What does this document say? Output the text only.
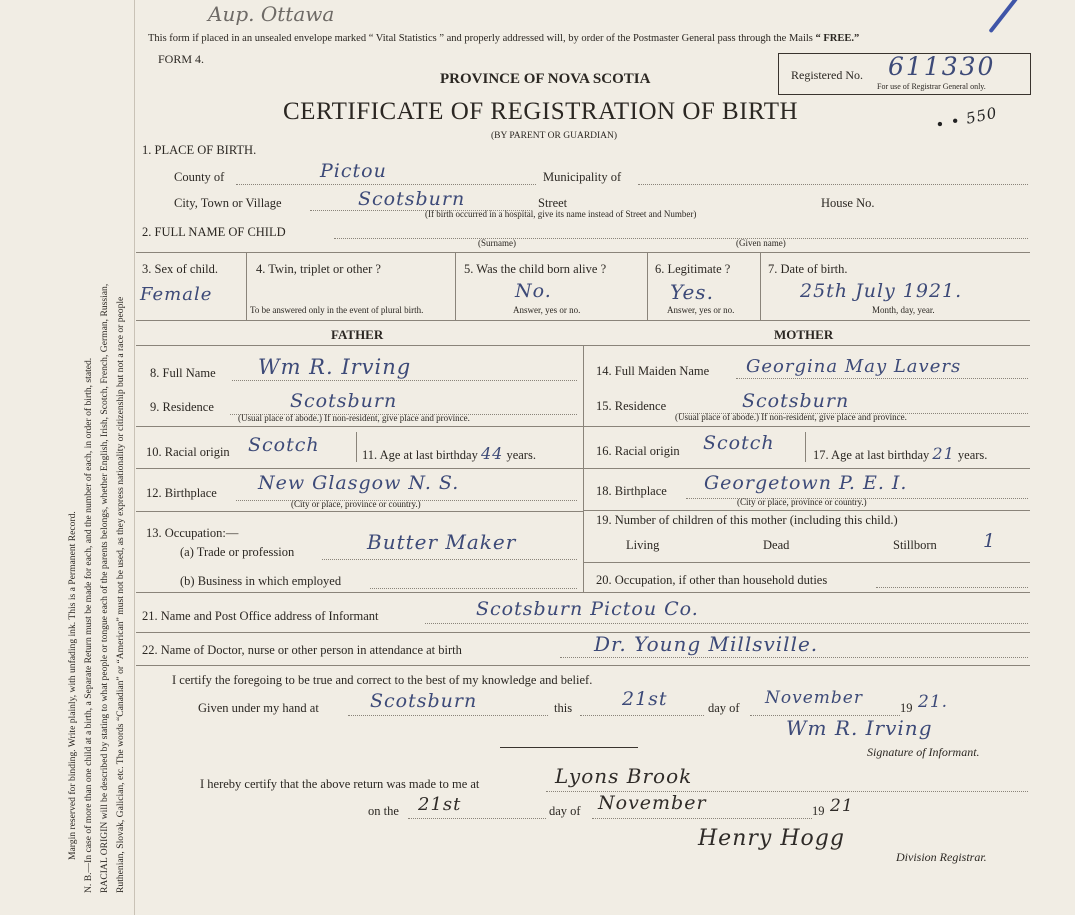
Margin reserved for binding. Write plainly, with unfading ink. This is a Permanent Record. N. B.—In case of more than one child at a birth, a Separate Return must be made for each, and the number of each, in order of birth, stated. RACIAL ORIGIN will be described by stating to what people or tongue each of the parents belongs, whether English, Irish, Scotch, French, German, Russian, Ruthenian, Slovak, Galician, etc. The words “Canadian” or “American” must not be used, as they express nationality or citizenship but not a race or people
Aup. Ottawa
This form if placed in an unsealed envelope marked “ Vital Statistics ” and properly addressed will, by order of the Postmaster General pass through the Mails “ FREE.”
FORM 4.
PROVINCE OF NOVA SCOTIA
CERTIFICATE OF REGISTRATION OF BIRTH
(BY PARENT OR GUARDIAN)
Registered No. 611330
For use of Registrar General only.
• • 550
1. PLACE OF BIRTH.
County of	Pictou	Municipality of
City, Town or Village	Scotsburn	Street	House No.
(If birth occurred in a hospital, give its name instead of Street and Number)
2. FULL NAME OF CHILD
(Surname)	(Given name)
3. Sex of child.
Female
4. Twin, triplet or other ?
To be answered only in the event of plural birth.
5. Was the child born alive ?
No.
Answer, yes or no.
6. Legitimate ?
Yes.
Answer, yes or no.
7. Date of birth.
25th July 1921.
Month, day, year.
FATHER	MOTHER
8. Full Name Wm R. Irving
9. Residence	Scotsburn
(Usual place of abode.) If non-resident, give place and province.
10. Racial origin Scotch	11. Age at last birthday 44 years.
12. Birthplace New Glasgow N. S.
(City or place, province or country.)
13. Occupation:—
(a) Trade or profession	Butter Maker
(b) Business in which employed
14. Full Maiden Name Georgina May Lavers
15. Residence	Scotsburn
(Usual place of abode.) If non-resident, give place and province.
16. Racial origin Scotch
17. Age at last birthday 21 years.
18. Birthplace Georgetown P. E. I.
(City or place, province or country.)
19. Number of children of this mother (including this child.)
Living	Dead	Stillborn 1
20. Occupation, if other than household duties
21. Name and Post Office address of Informant	Scotsburn Pictou Co.
22. Name of Doctor, nurse or other person in attendance at birth	Dr. Young Millsville.
I certify the foregoing to be true and correct to the best of my knowledge and belief.
Given under my hand at	Scotsburn	this	21st	day of November	19 21.
Wm R. Irving
Signature of Informant.
I hereby certify that the above return was made to me at	Lyons Brook
on the 21st	day of November	19 21
Henry Hogg
Division Registrar.
